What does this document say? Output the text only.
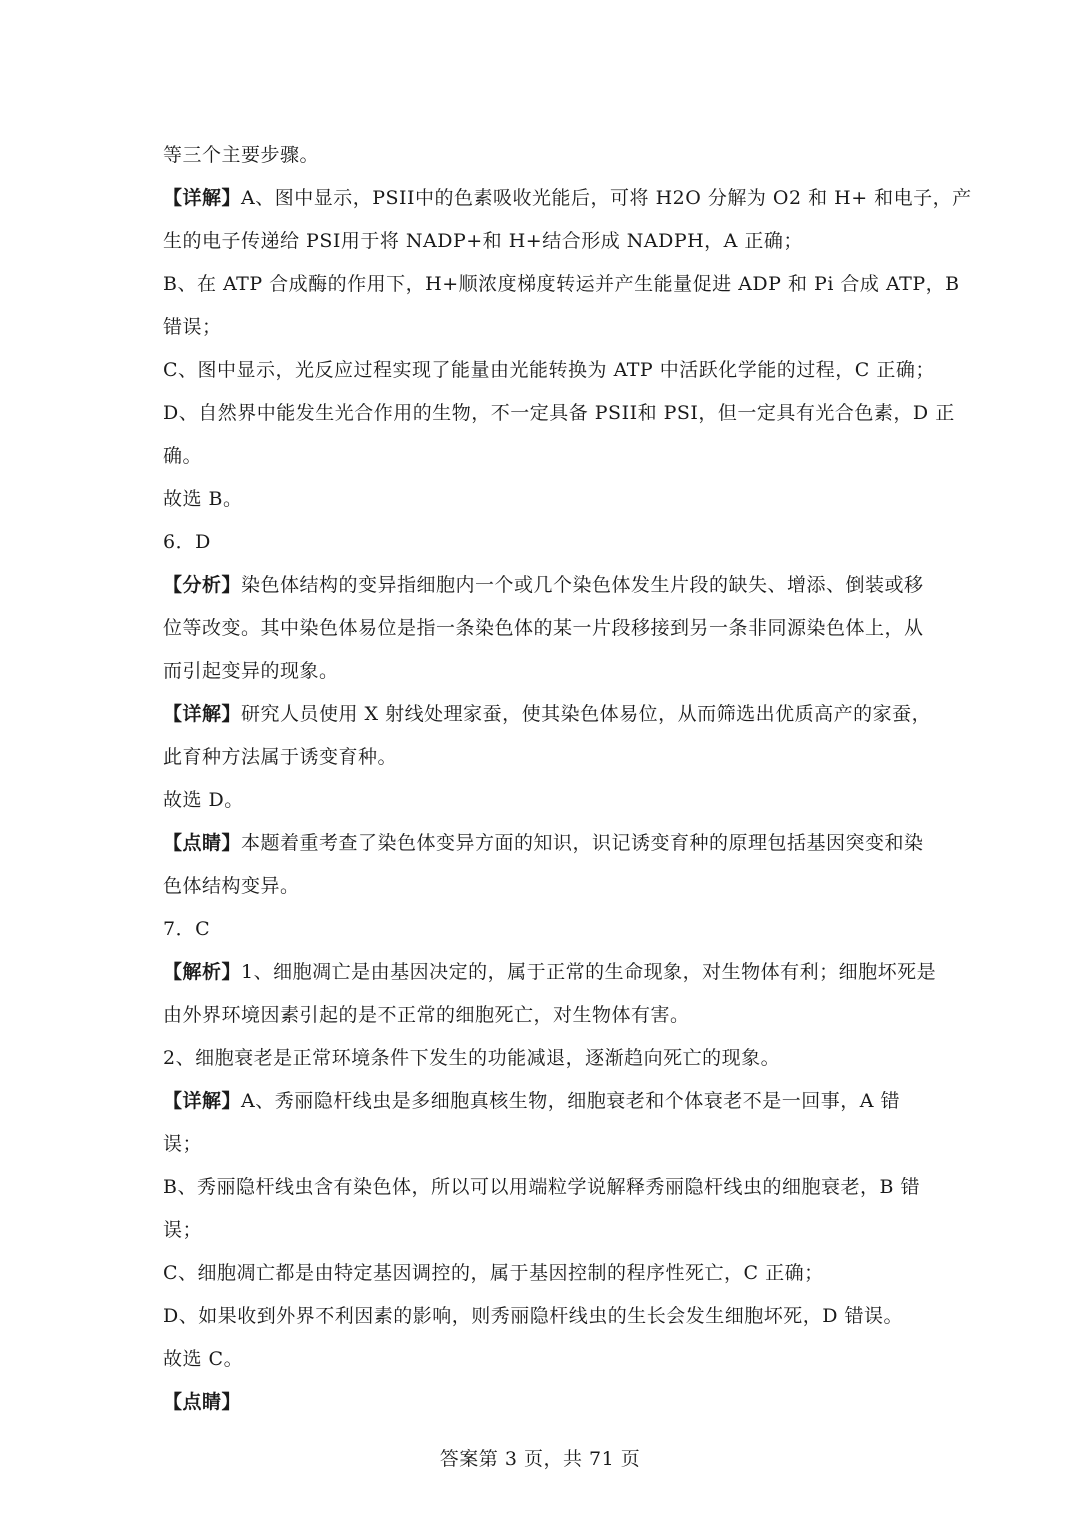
等三个主要步骤。
【详解】A、图中显示，PSII中的色素吸收光能后，可将 H2O 分解为 O2 和 H+ 和电子，产
生的电子传递给 PSI用于将 NADP+和 H+结合形成 NADPH，A 正确；
B、在 ATP 合成酶的作用下，H+顺浓度梯度转运并产生能量促进 ADP 和 Pi 合成 ATP，B
错误；
C、图中显示，光反应过程实现了能量由光能转换为 ATP 中活跃化学能的过程，C 正确；
D、自然界中能发生光合作用的生物，不一定具备 PSII和 PSI，但一定具有光合色素，D 正
确。
故选 B。
6．D
【分析】染色体结构的变异指细胞内一个或几个染色体发生片段的缺失、增添、倒装或移
位等改变。其中染色体易位是指一条染色体的某一片段移接到另一条非同源染色体上，从
而引起变异的现象。
【详解】研究人员使用 X 射线处理家蚕，使其染色体易位，从而筛选出优质高产的家蚕，
此育种方法属于诱变育种。
故选 D。
【点睛】本题着重考查了染色体变异方面的知识，识记诱变育种的原理包括基因突变和染
色体结构变异。
7．C
【解析】1、细胞凋亡是由基因决定的，属于正常的生命现象，对生物体有利；细胞坏死是
由外界环境因素引起的是不正常的细胞死亡，对生物体有害。
2、细胞衰老是正常环境条件下发生的功能减退，逐渐趋向死亡的现象。
【详解】A、秀丽隐杆线虫是多细胞真核生物，细胞衰老和个体衰老不是一回事，A 错
误；
B、秀丽隐杆线虫含有染色体，所以可以用端粒学说解释秀丽隐杆线虫的细胞衰老，B 错
误；
C、细胞凋亡都是由特定基因调控的，属于基因控制的程序性死亡，C 正确；
D、如果收到外界不利因素的影响，则秀丽隐杆线虫的生长会发生细胞坏死，D 错误。
故选 C。
【点睛】
答案第 3 页，共 71 页
